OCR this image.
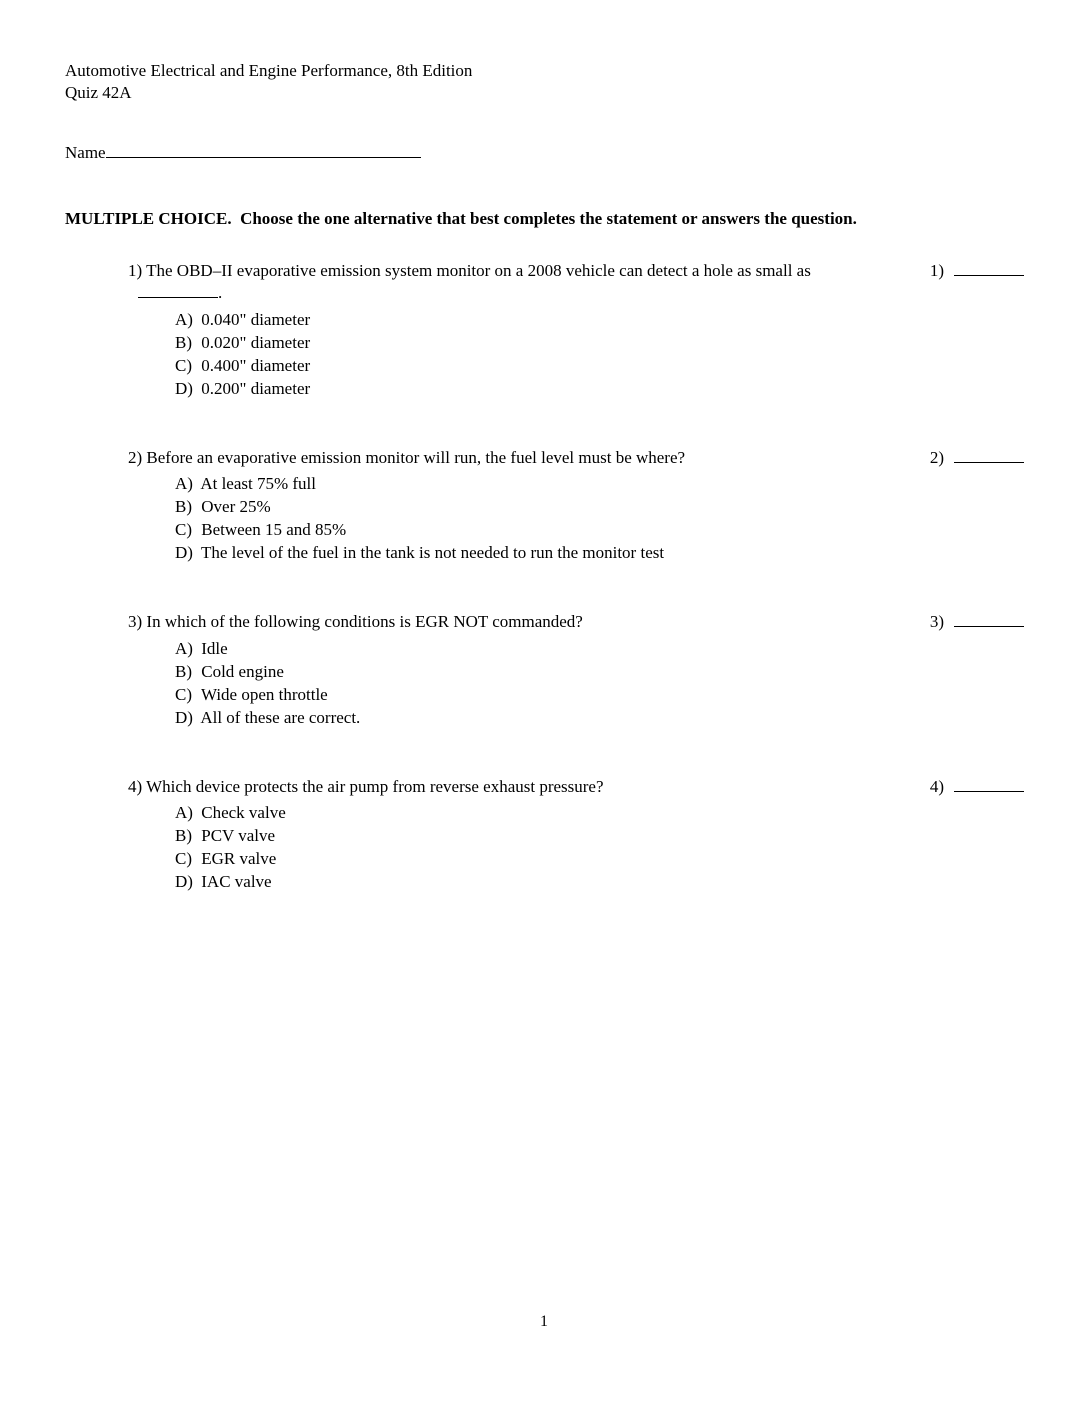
Automotive Electrical and Engine Performance, 8th Edition
Quiz 42A
Name
MULTIPLE CHOICE.  Choose the one alternative that best completes the statement or answers the question.
1) The OBD–II evaporative emission system monitor on a 2008 vehicle can detect a hole as small as
.
A) 0.040" diameter
B) 0.020" diameter
C) 0.400" diameter
D) 0.200" diameter
1)
2) Before an evaporative emission monitor will run, the fuel level must be where?
A) At least 75% full
B) Over 25%
C) Between 15 and 85%
D) The level of the fuel in the tank is not needed to run the monitor test
2)
3) In which of the following conditions is EGR NOT commanded?
A) Idle
B) Cold engine
C) Wide open throttle
D) All of these are correct.
3)
4) Which device protects the air pump from reverse exhaust pressure?
A) Check valve
B) PCV valve
C) EGR valve
D) IAC valve
4)
1
